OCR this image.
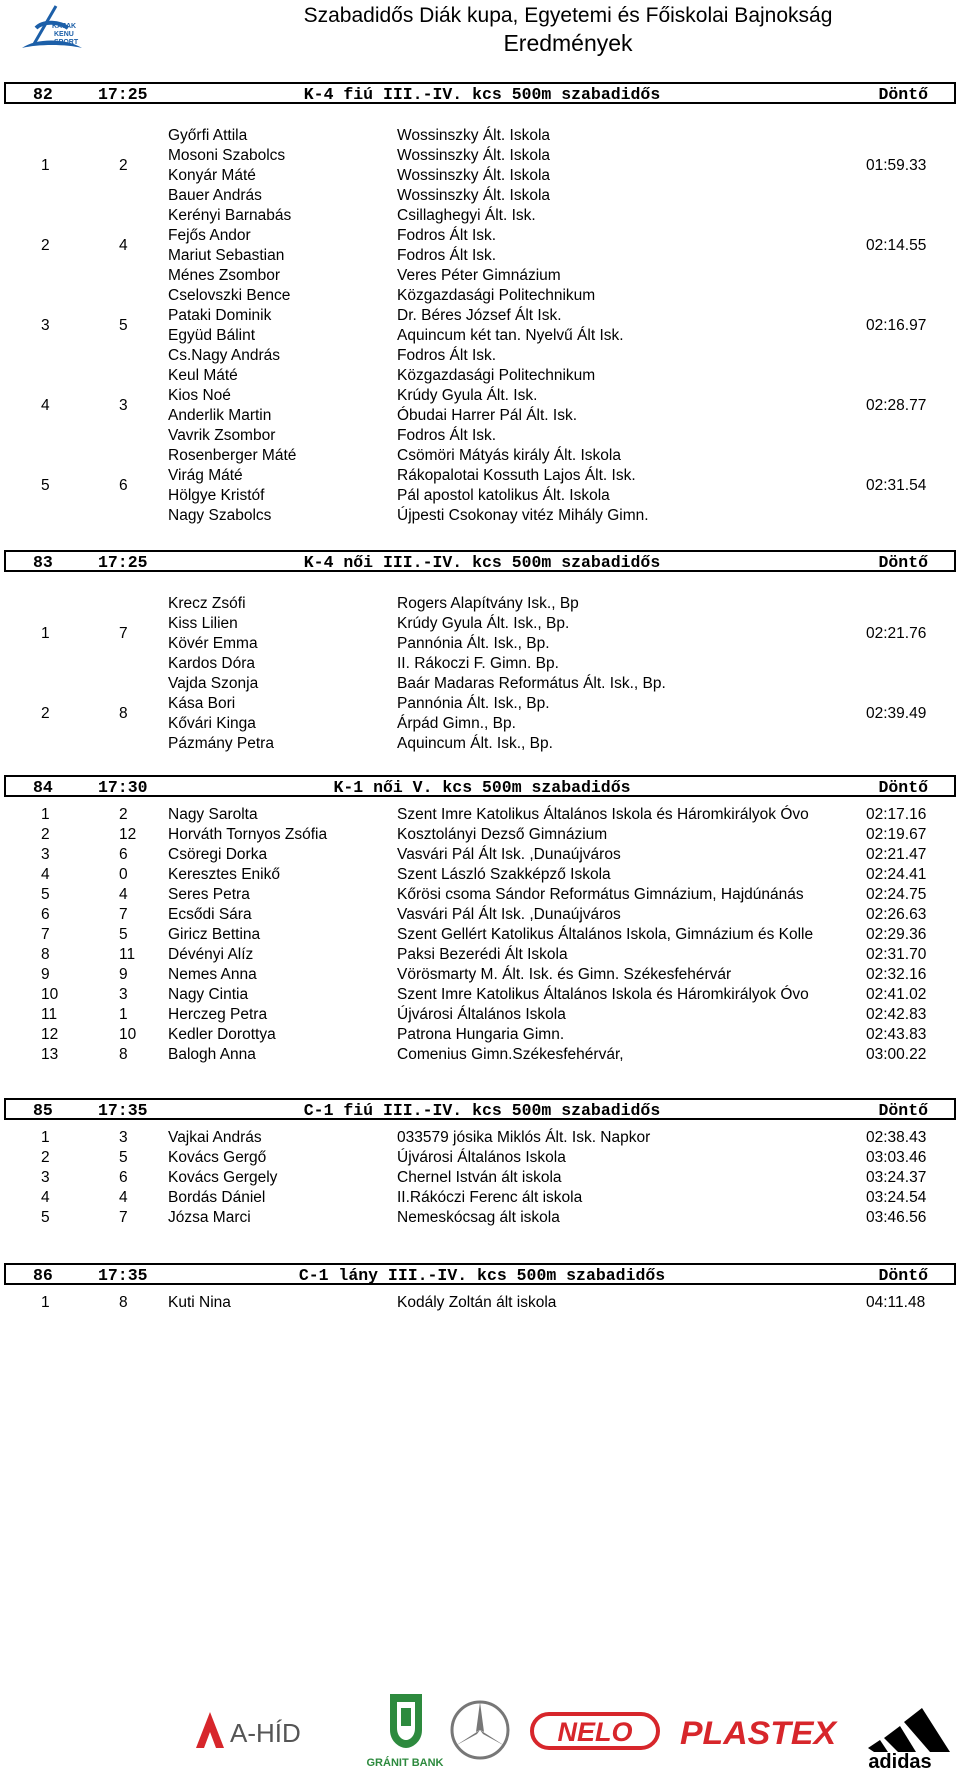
KAJAK
KENU
SPORT
Szabadidős Diák kupa, Egyetemi és Főiskolai Bajnokság
Eredmények
K-4 fiú III.-IV. kcs 500m szabadidős
82	17:25	Döntő
1	2	01:59.33
Győrfi Attila	Wossinszky Ált. Iskola
Mosoni Szabolcs	Wossinszky Ált. Iskola
Konyár Máté	Wossinszky Ált. Iskola
Bauer András	Wossinszky Ált. Iskola
2	4	02:14.55
Kerényi Barnabás	Csillaghegyi Ált. Isk.
Fejős Andor	Fodros Ált Isk.
Mariut Sebastian	Fodros Ált Isk.
Ménes Zsombor	Veres Péter Gimnázium
3	5	02:16.97
Cselovszki Bence	Közgazdasági Politechnikum
Pataki Dominik	Dr. Béres József Ált Isk.
Együd Bálint	Aquincum két tan. Nyelvű Ált Isk.
Cs.Nagy András	Fodros Ált Isk.
4	3	02:28.77
Keul Máté	Közgazdasági Politechnikum
Kios Noé	Krúdy Gyula Ált. Isk.
Anderlik Martin	Óbudai Harrer Pál Ált. Isk.
Vavrik Zsombor	Fodros Ált Isk.
5	6	02:31.54
Rosenberger Máté	Csömöri Mátyás király Ált. Iskola
Virág Máté	Rákopalotai Kossuth Lajos Ált. Isk.
Hölgye Kristóf	Pál apostol katolikus Ált. Iskola
Nagy Szabolcs	Újpesti Csokonay vitéz Mihály Gimn.
K-4 női III.-IV. kcs 500m szabadidős
83	17:25	Döntő
1	7	02:21.76
Krecz Zsófi	Rogers Alapítvány Isk., Bp
Kiss Lilien	Krúdy Gyula Ált. Isk., Bp.
Kövér Emma	Pannónia Ált. Isk., Bp.
Kardos Dóra	II. Rákoczi F. Gimn. Bp.
2	8	02:39.49
Vajda Szonja	Baár Madaras Református Ált. Isk., Bp.
Kása Bori	Pannónia Ált. Isk., Bp.
Kővári Kinga	Árpád Gimn., Bp.
Pázmány Petra	Aquincum Ált. Isk., Bp.
K-1 női V. kcs 500m szabadidős
84	17:30	Döntő
1	2	Nagy Sarolta	Szent Imre Katolikus Általános Iskola és Háromkirályok Óvo	02:17.16
2	12 Horváth Tornyos Zsófia	Kosztolányi Dezső Gimnázium	02:19.67
3	6	Csöregi Dorka	Vasvári Pál Ált Isk. ,Dunaújváros	02:21.47
4	0	Keresztes Enikő	Szent László Szakképző Iskola	02:24.41
5	4	Seres Petra	Kőrösi csoma Sándor Református Gimnázium, Hajdúnánás	02:24.75
6	7	Ecsődi Sára	Vasvári Pál Ált Isk. ,Dunaújváros	02:26.63
7	5	Giricz Bettina	Szent Gellért Katolikus Általános Iskola, Gimnázium és Kolle	02:29.36
8	11 Dévényi Alíz	Paksi Bezerédi Ált Iskola	02:31.70
9	9	Nemes Anna	Vörösmarty M. Ált. Isk. és Gimn. Székesfehérvár	02:32.16
10	3	Nagy Cintia	Szent Imre Katolikus Általános Iskola és Háromkirályok Óvo	02:41.02
11	1	Herczeg Petra	Újvárosi Általános Iskola	02:42.83
12	10 Kedler Dorottya	Patrona Hungaria Gimn.	02:43.83
13	8	Balogh Anna	Comenius Gimn.Székesfehérvár,	03:00.22
C-1 fiú III.-IV. kcs 500m szabadidős
85	17:35	Döntő
1	3	Vajkai András	033579 jósika Miklós Ált. Isk. Napkor	02:38.43
2	5	Kovács Gergő	Újvárosi Általános Iskola	03:03.46
3	6	Kovács Gergely	Chernel István ált iskola	03:24.37
4	4	Bordás Dániel	II.Rákóczi Ferenc ált iskola	03:24.54
5	7	Józsa Marci	Nemeskócsag ált iskola	03:46.56
C-1 lány III.-IV. kcs 500m szabadidős
86	17:35	Döntő
1	8	Kuti Nina	Kodály Zoltán ált iskola	04:11.48
A-HÍD
GRÁNIT BANK
NELO PLASTEX
adidas
